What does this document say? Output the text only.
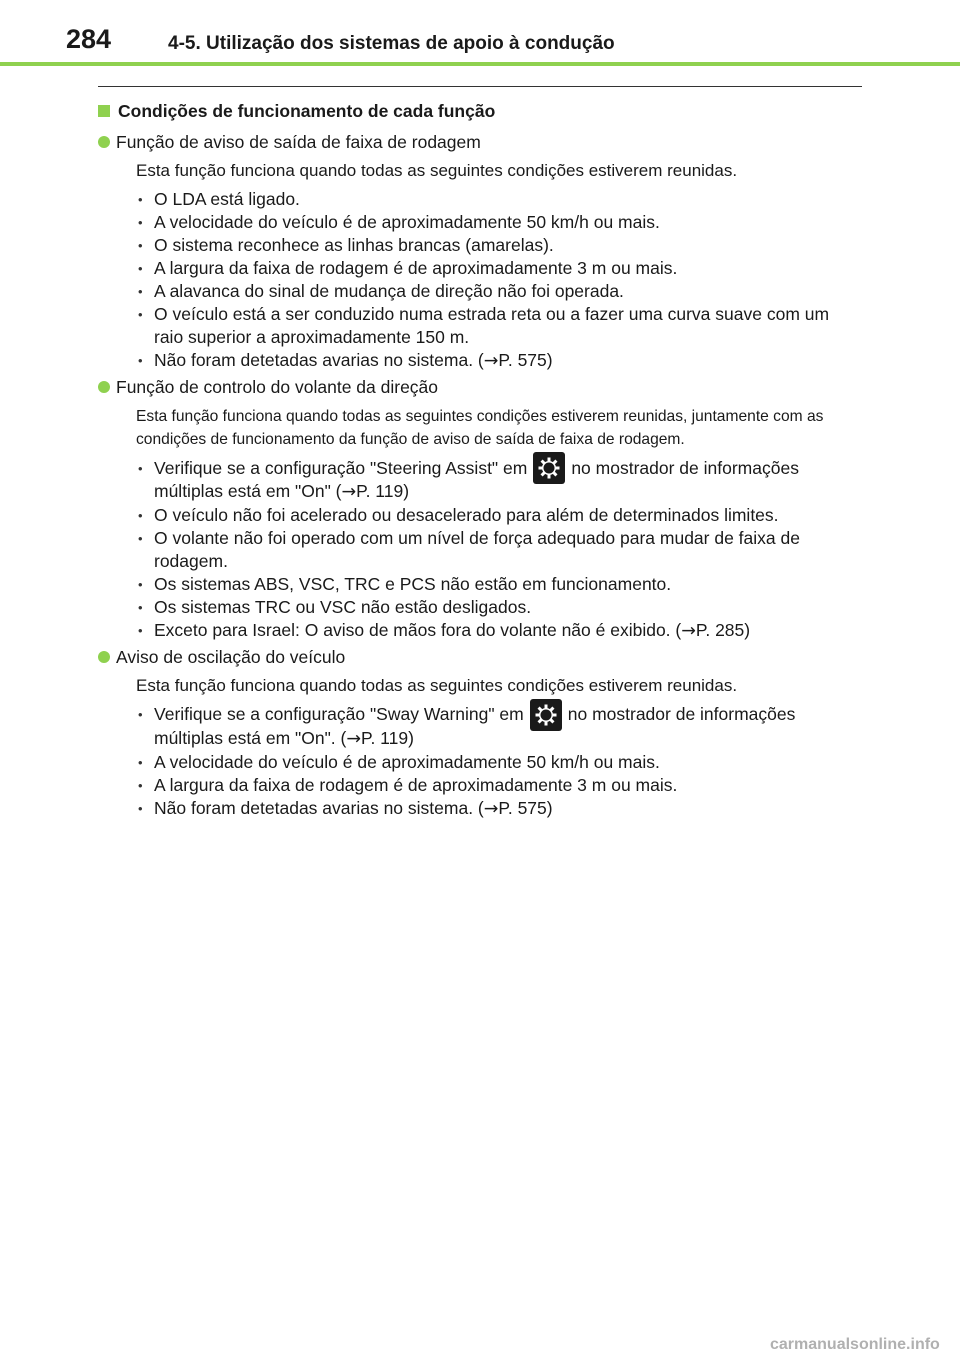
284	4-5. Utilização dos sistemas de apoio à condução
Condições de funcionamento de cada função
Função de aviso de saída de faixa de rodagem
Esta função funciona quando todas as seguintes condições estiverem reunidas.
• O LDA está ligado.
• A velocidade do veículo é de aproximadamente 50 km/h ou mais.
• O sistema reconhece as linhas brancas (amarelas).
• A largura da faixa de rodagem é de aproximadamente 3 m ou mais.
• A alavanca do sinal de mudança de direção não foi operada.
• O veículo está a ser conduzido numa estrada reta ou a fazer uma curva suave com um raio superior a aproximadamente 150 m.
• Não foram detetadas avarias no sistema. (→P. 575)
Função de controlo do volante da direção
Esta função funciona quando todas as seguintes condições estiverem reunidas, juntamente com as condições de funcionamento da função de aviso de saída de faixa de rodagem.
• Verifique se a configuração "Steering Assist" em	no mostrador de informações múltiplas está em "On" (→P. 119)
• O veículo não foi acelerado ou desacelerado para além de determinados limites.
• O volante não foi operado com um nível de força adequado para mudar de faixa de rodagem.
• Os sistemas ABS, VSC, TRC e PCS não estão em funcionamento.
• Os sistemas TRC ou VSC não estão desligados.
• Exceto para Israel: O aviso de mãos fora do volante não é exibido. (→P. 285)
Aviso de oscilação do veículo
Esta função funciona quando todas as seguintes condições estiverem reunidas.
• Verifique se a configuração "Sway Warning" em	no mostrador de informações múltiplas está em "On". (→P. 119)
• A velocidade do veículo é de aproximadamente 50 km/h ou mais.
• A largura da faixa de rodagem é de aproximadamente 3 m ou mais.
• Não foram detetadas avarias no sistema. (→P. 575)
carmanualsonline.info
